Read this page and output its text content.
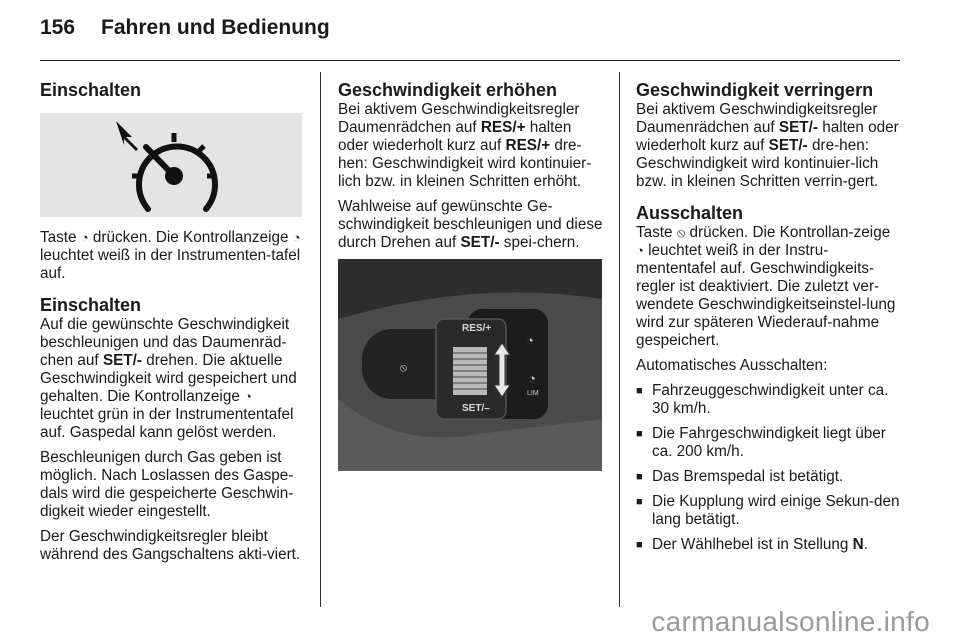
156 Fahren und Bedienung
Einschalten

Taste ◔ drücken. Die Kontrollanzeige ◔ leuchtet weiß in der Instrumenten-tafel auf.

Einschalten

Auf die gewünschte Geschwindigkeit beschleunigen und das Daumenräd-chen auf SET/- drehen. Die aktuelle Geschwindigkeit wird gespeichert und gehalten. Die Kontrollanzeige ◔ leuchtet grün in der Instrumententafel auf. Gaspedal kann gelöst werden.

Beschleunigen durch Gas geben ist möglich. Nach Loslassen des Gaspe-dals wird die gespeicherte Geschwin-digkeit wieder eingestellt.

Der Geschwindigkeitsregler bleibt während des Gangschaltens akti-viert.

Geschwindigkeit erhöhen

Bei aktivem Geschwindigkeitsregler Daumenrädchen auf RES/+ halten oder wiederholt kurz auf RES/+ dre-hen: Geschwindigkeit wird kontinuier-lich bzw. in kleinen Schritten erhöht.

Wahlweise auf gewünschte Ge-schwindigkeit beschleunigen und diese durch Drehen auf SET/- spei-chern.

RES/+
SET/–
⦸
◔
◔
LIM
Geschwindigkeit verringern

Bei aktivem Geschwindigkeitsregler Daumenrädchen auf SET/- halten oder wiederholt kurz auf SET/- dre-hen: Geschwindigkeit wird kontinuier-lich bzw. in kleinen Schritten verrin-gert.

Ausschalten

Taste ⦸ drücken. Die Kontrollan-zeige ◔ leuchtet weiß in der Instru-mententafel auf. Geschwindigkeits-regler ist deaktiviert. Die zuletzt ver-wendete Geschwindigkeitseinstel-lung wird zur späteren Wiederauf-nahme gespeichert.

Automatisches Ausschalten:

■ Fahrzeuggeschwindigkeit unter ca. 30 km/h.
■ Die Fahrgeschwindigkeit liegt über ca. 200 km/h.
■ Das Bremspedal ist betätigt.
■ Die Kupplung wird einige Sekun-den lang betätigt.
■ Der Wählhebel ist in Stellung N.
carmanualsonline.info
